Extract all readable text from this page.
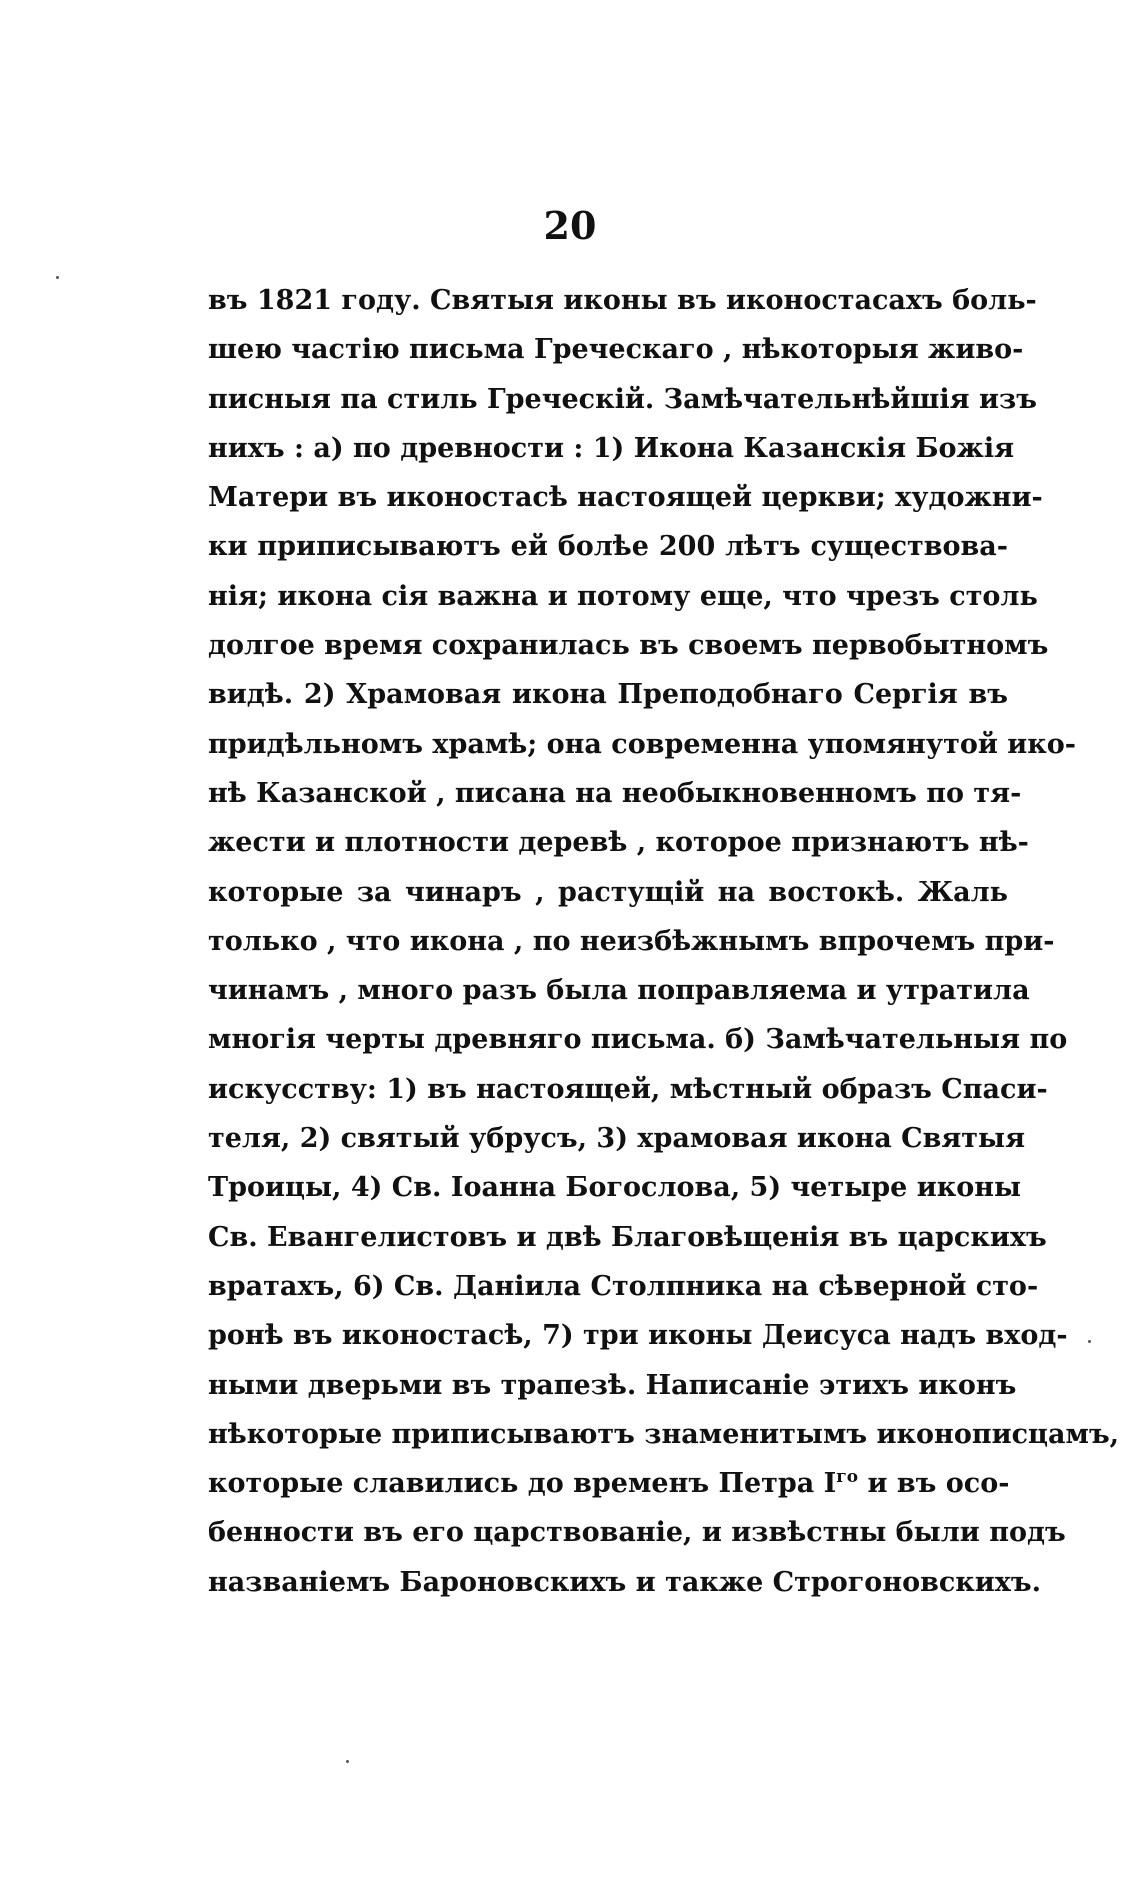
20
въ 1821 году. Святыя иконы въ иконостасахъ боль-
шею частію письма Греческаго , нѣкоторыя живо-
писныя па стиль Греческій. Замѣчательнѣйшія изъ
нихъ : а) по древности : 1) Икона Казанскія Божія
Матери въ иконостасѣ настоящей церкви; художни-
ки приписываютъ ей болѣе 200 лѣтъ существова-
нія; икона сія важна и потому еще, что чрезъ столь
долгое время сохранилась въ своемъ первобытномъ
видѣ. 2) Храмовая икона Преподобнаго Сергія въ
придѣльномъ храмѣ; она современна упомянутой ико-
нѣ Казанской , писана на необыкновенномъ по тя-
жести и плотности деревѣ , которое признаютъ нѣ-
которые за чинаръ , растущій на востокѣ. Жаль
только , что икона , по неизбѣжнымъ впрочемъ при-
чинамъ , много разъ была поправляема и утратила
многія черты древняго письма. б) Замѣчательныя по
искусству: 1) въ настоящей, мѣстный образъ Спаси-
теля, 2) святый убрусъ, 3) храмовая икона Святыя
Троицы, 4) Св. Іоанна Богослова, 5) четыре иконы
Св. Евангелистовъ и двѣ Благовѣщенія въ царскихъ
вратахъ, 6) Св. Даніила Столпника на сѣверной сто-
ронѣ въ иконостасѣ, 7) три иконы Деисуса надъ вход-
ными дверьми въ трапезѣ. Написаніе этихъ иконъ
нѣкоторые приписываютъ знаменитымъ иконописцамъ,
которые славились до временъ Петра $I^{го}$ и въ осо-
бенности въ его царствованіе, и извѣстны были подъ
названіемъ Бароновскихъ и также Строгоновскихъ.
